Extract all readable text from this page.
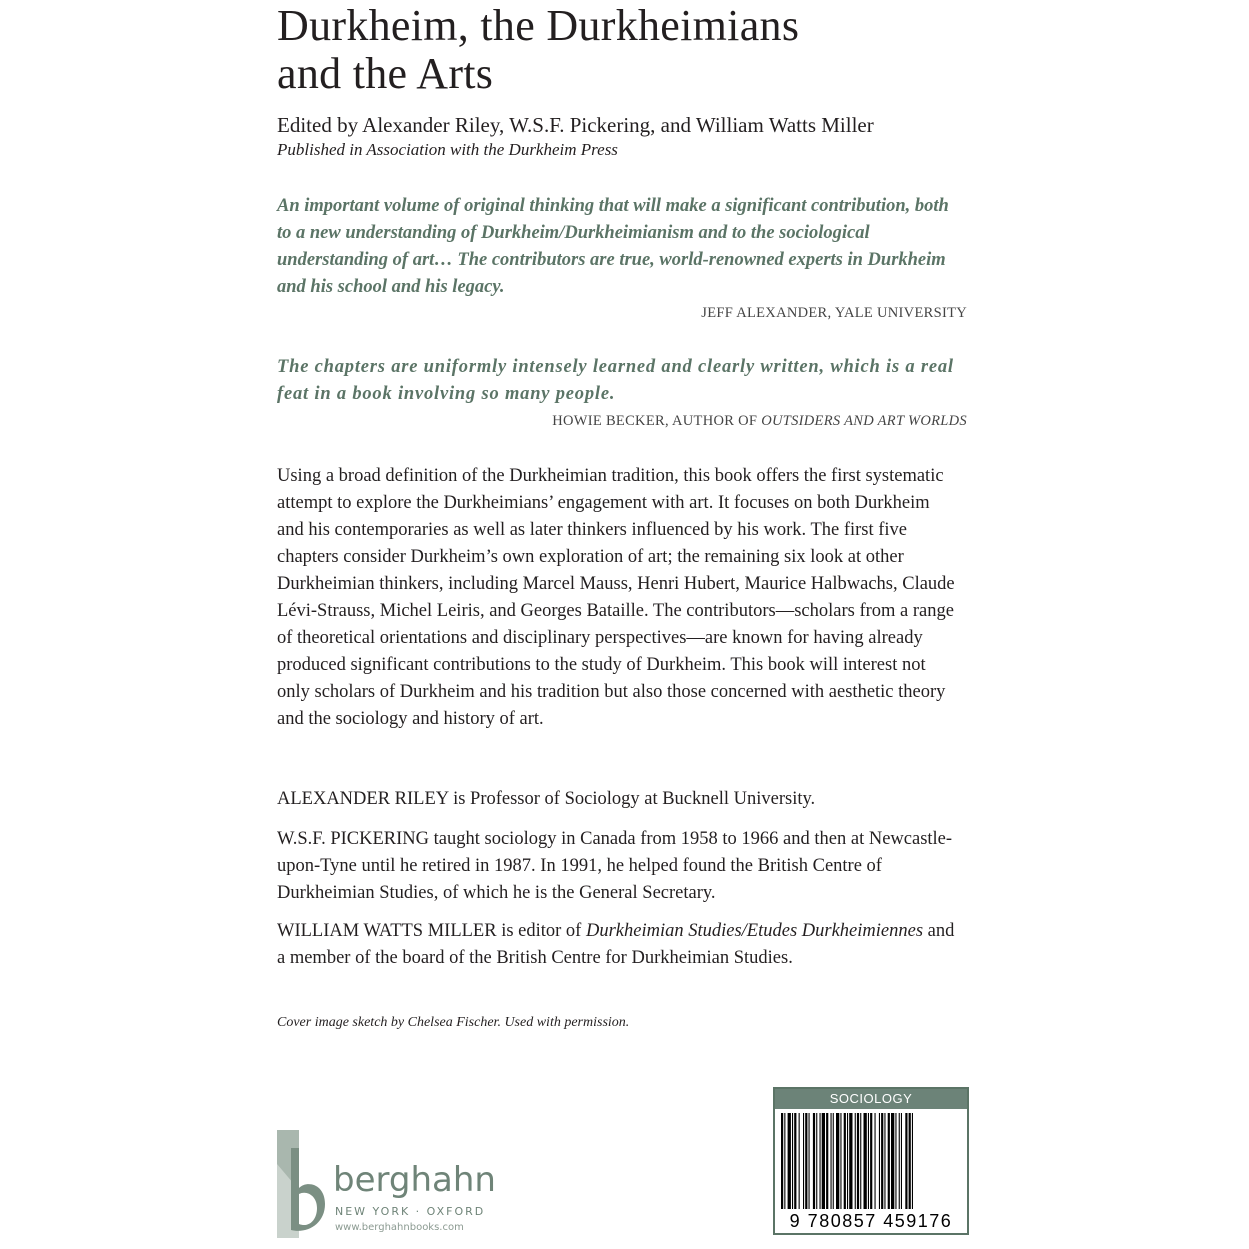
Durkheim, the Durkheimians
and the Arts
Edited by Alexander Riley, W.S.F. Pickering, and William Watts Miller
Published in Association with the Durkheim Press
An important volume of original thinking that will make a significant contribution, both to a new understanding of Durkheim/Durkheimianism and to the sociological understanding of art… The contributors are true, world-renowned experts in Durkheim and his school and his legacy.
JEFF ALEXANDER, YALE UNIVERSITY
The chapters are uniformly intensely learned and clearly written, which is a real feat in a book involving so many people.
HOWIE BECKER, AUTHOR OF OUTSIDERS AND ART WORLDS

Using a broad definition of the Durkheimian tradition, this book offers the first systematic attempt to explore the Durkheimians’ engagement with art. It focuses on both Durkheim and his contemporaries as well as later thinkers influenced by his work. The first five chapters consider Durkheim’s own exploration of art; the remaining six look at other Durkheimian thinkers, including Marcel Mauss, Henri Hubert, Maurice Halbwachs, Claude Lévi-Strauss, Michel Leiris, and Georges Bataille. The contributors—scholars from a range of theoretical orientations and disciplinary perspectives—are known for having already produced significant contributions to the study of Durkheim. This book will interest not only scholars of Durkheim and his tradition but also those concerned with aesthetic theory and the sociology and history of art.

ALEXANDER RILEY is Professor of Sociology at Bucknell University.

W.S.F. PICKERING taught sociology in Canada from 1958 to 1966 and then at Newcastle-upon-Tyne until he retired in 1987. In 1991, he helped found the British Centre of Durkheimian Studies, of which he is the General Secretary.

WILLIAM WATTS MILLER is editor of Durkheimian Studies/Etudes Durkheimiennes and a member of the board of the British Centre for Durkheimian Studies.

Cover image sketch by Chelsea Fischer. Used with permission.
berghahn
NEW YORK · OXFORD
www.berghahnbooks.com
SOCIOLOGY
9 780857 459176
